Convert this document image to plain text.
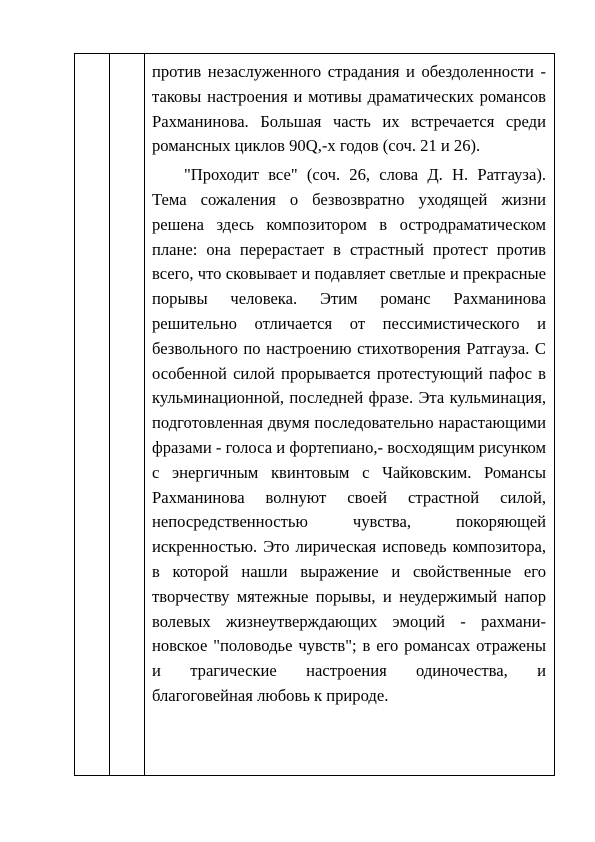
против незаслуженного страдания и обездоленности - таковы настроения и мотивы драматических романсов Рахманинова. Большая часть их встречается среди романсных циклов 90Q,-х годов (соч. 21 и 26).

"Проходит все" (соч. 26, слова Д. Н. Ратгауза). Тема сожаления о безвозвратно уходящей жизни решена здесь композитором в остродраматическом плане: она перерастает в страстный протест против всего, что сковывает и подавляет светлые и прекрасные порывы человека. Этим романс Рахманинова решительно отличается от пессимистического и безвольного по настроению стихотворения Ратгауза. С особенной силой прорывается протестующий пафос в кульминационной, последней фразе. Эта кульминация, подготовленная двумя последовательно нарастающими фразами - голоса и фортепиано,- восходящим рисунком с энергичным квинтовым с Чайковским. Романсы Рахманинова волнуют своей страстной силой, непосредственностью чувства, покоряющей искренностью. Это лирическая исповедь композитора, в которой нашли выражение и свойственные его творчеству мятежные порывы, и неудержимый напор волевых жизнеутверждающих эмоций - рахмани-новское "половодье чувств"; в его романсах отражены и трагические настроения одиночества, и благоговейная любовь к природе.
